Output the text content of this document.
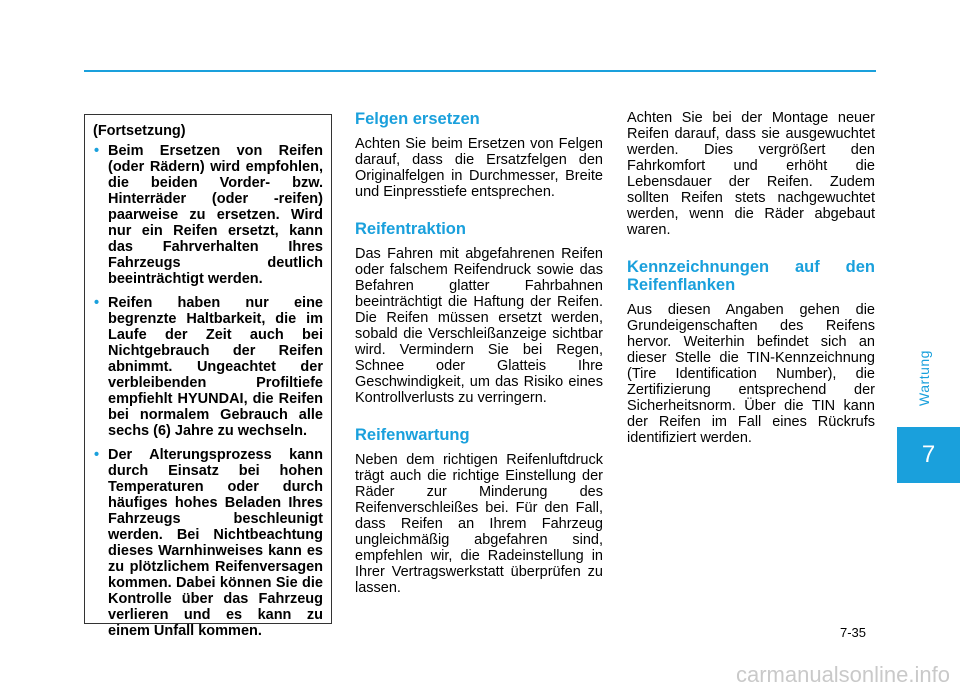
Wartung
7
(Fortsetzung)
• Beim Ersetzen von Reifen (oder Rädern) wird empfohlen, die beiden Vorder- bzw. Hinterräder (oder -reifen) paarweise zu ersetzen. Wird nur ein Reifen ersetzt, kann das Fahrverhalten Ihres Fahrzeugs deutlich beeinträchtigt werden.
• Reifen haben nur eine begrenzte Haltbarkeit, die im Laufe der Zeit auch bei Nichtgebrauch der Reifen abnimmt. Ungeachtet der verbleibenden Profiltiefe empfiehlt HYUNDAI, die Reifen bei normalem Gebrauch alle sechs (6) Jahre zu wechseln.
• Der Alterungsprozess kann durch Einsatz bei hohen Temperaturen oder durch häufiges hohes Beladen Ihres Fahrzeugs beschleunigt werden. Bei Nichtbeachtung dieses Warnhinweises kann es zu plötzlichem Reifenversagen kommen. Dabei können Sie die Kontrolle über das Fahrzeug verlieren und es kann zu einem Unfall kommen.
Felgen ersetzen

Achten Sie beim Ersetzen von Felgen darauf, dass die Ersatzfelgen den Originalfelgen in Durchmesser, Breite und Einpresstiefe entsprechen.

Reifentraktion

Das Fahren mit abgefahrenen Reifen oder falschem Reifendruck sowie das Befahren glatter Fahrbahnen beeinträchtigt die Haftung der Reifen. Die Reifen müssen ersetzt werden, sobald die Verschleißanzeige sichtbar wird. Vermindern Sie bei Regen, Schnee oder Glatteis Ihre Geschwindigkeit, um das Risiko eines Kontrollverlusts zu verringern.

Reifenwartung

Neben dem richtigen Reifenluftdruck trägt auch die richtige Einstellung der Räder zur Minderung des Reifenverschleißes bei. Für den Fall, dass Reifen an Ihrem Fahrzeug ungleichmäßig abgefahren sind, empfehlen wir, die Radeinstellung in Ihrer Vertragswerkstatt überprüfen zu lassen.

Achten Sie bei der Montage neuer Reifen darauf, dass sie ausgewuchtet werden. Dies vergrößert den Fahrkomfort und erhöht die Lebensdauer der Reifen. Zudem sollten Reifen stets nachgewuchtet werden, wenn die Räder abgebaut waren.

Kennzeichnungen auf den Reifenflanken

Aus diesen Angaben gehen die Grundeigenschaften des Reifens hervor. Weiterhin befindet sich an dieser Stelle die TIN-Kennzeichnung (Tire Identification Number), die Zertifizierung entsprechend der Sicherheitsnorm. Über die TIN kann der Reifen im Fall eines Rückrufs identifiziert werden.

7-35
carmanualsonline.info
